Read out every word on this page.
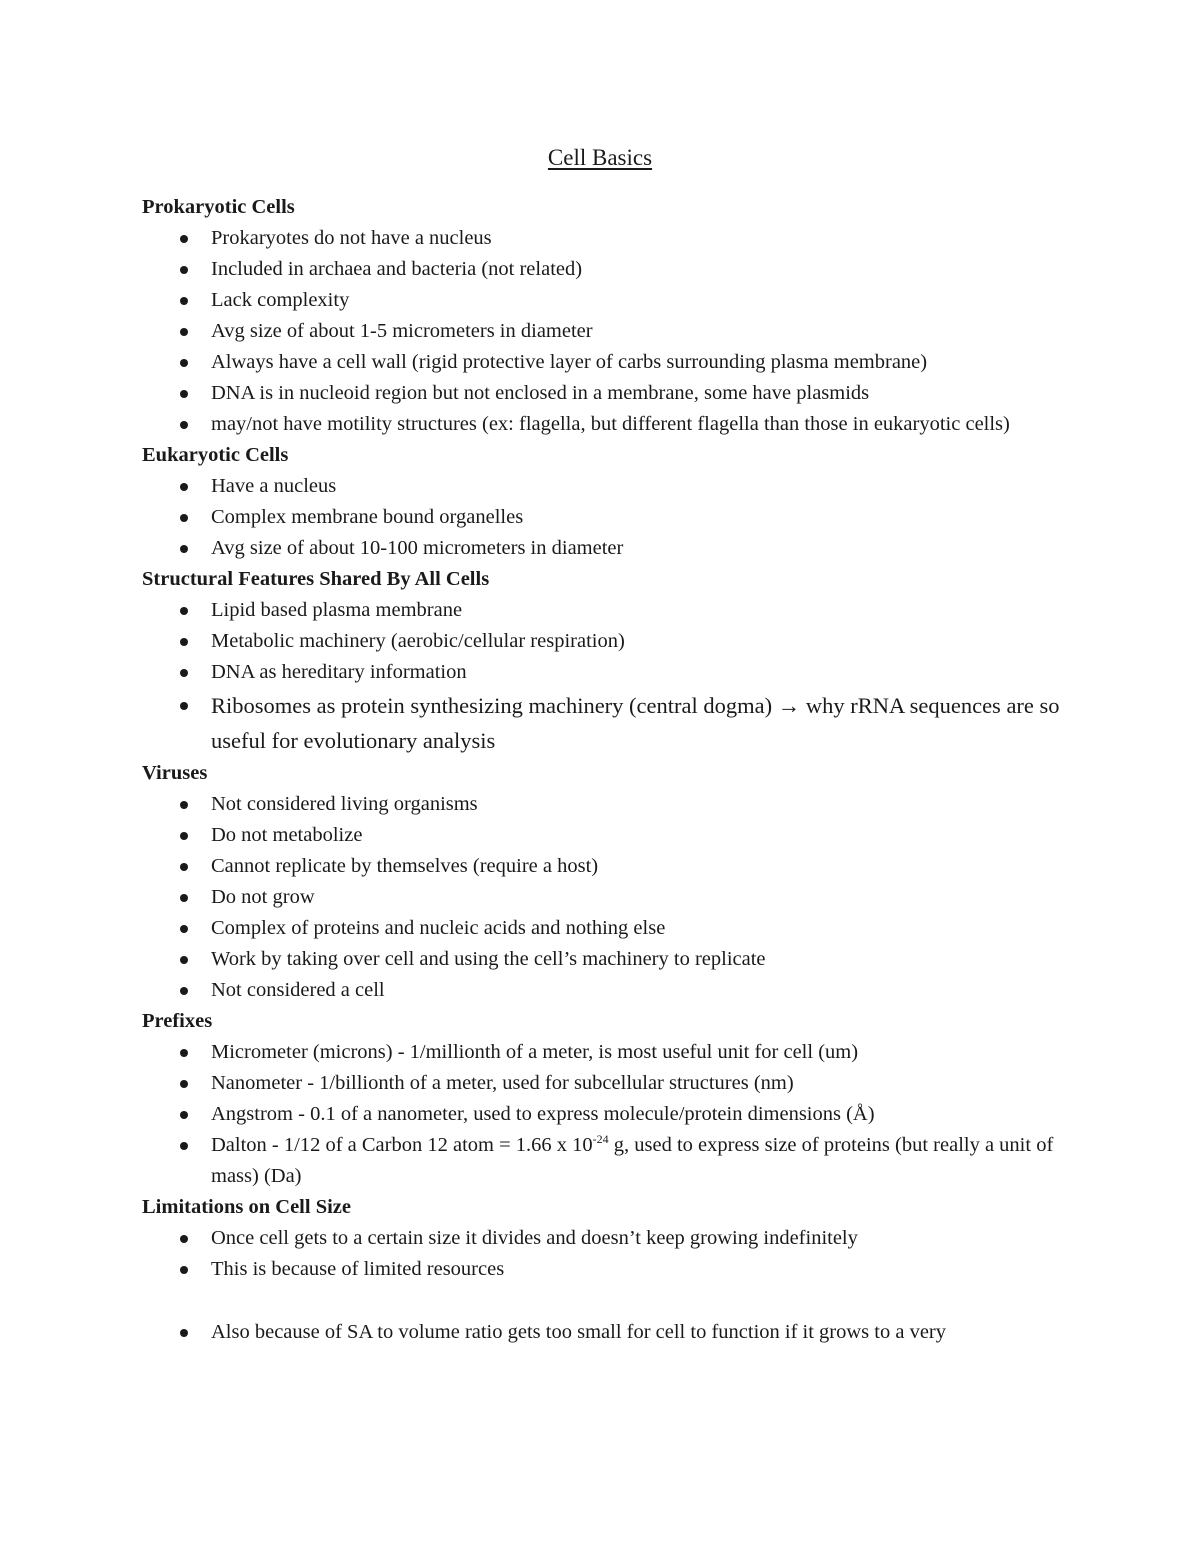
Cell Basics
Prokaryotic Cells
Prokaryotes do not have a nucleus
Included in archaea and bacteria (not related)
Lack complexity
Avg size of about 1-5 micrometers in diameter
Always have a cell wall (rigid protective layer of carbs surrounding plasma membrane)
DNA is in nucleoid region but not enclosed in a membrane, some have plasmids
may/not have motility structures (ex: flagella, but different flagella than those in eukaryotic cells)
Eukaryotic Cells
Have a nucleus
Complex membrane bound organelles
Avg size of about 10-100 micrometers in diameter
Structural Features Shared By All Cells
Lipid based plasma membrane
Metabolic machinery (aerobic/cellular respiration)
DNA as hereditary information
Ribosomes as protein synthesizing machinery (central dogma) → why rRNA sequences are so useful for evolutionary analysis
Viruses
Not considered living organisms
Do not metabolize
Cannot replicate by themselves (require a host)
Do not grow
Complex of proteins and nucleic acids and nothing else
Work by taking over cell and using the cell’s machinery to replicate
Not considered a cell
Prefixes
Micrometer (microns) - 1/millionth of a meter, is most useful unit for cell (um)
Nanometer - 1/billionth of a meter, used for subcellular structures (nm)
Angstrom - 0.1 of a nanometer, used to express molecule/protein dimensions (Å)
Dalton - 1/12 of a Carbon 12 atom = 1.66 x $10^{-24}$ g, used to express size of proteins (but really a unit of mass) (Da)
Limitations on Cell Size
Once cell gets to a certain size it divides and doesn’t keep growing indefinitely
This is because of limited resources
Also because of SA to volume ratio gets too small for cell to function if it grows to a very
